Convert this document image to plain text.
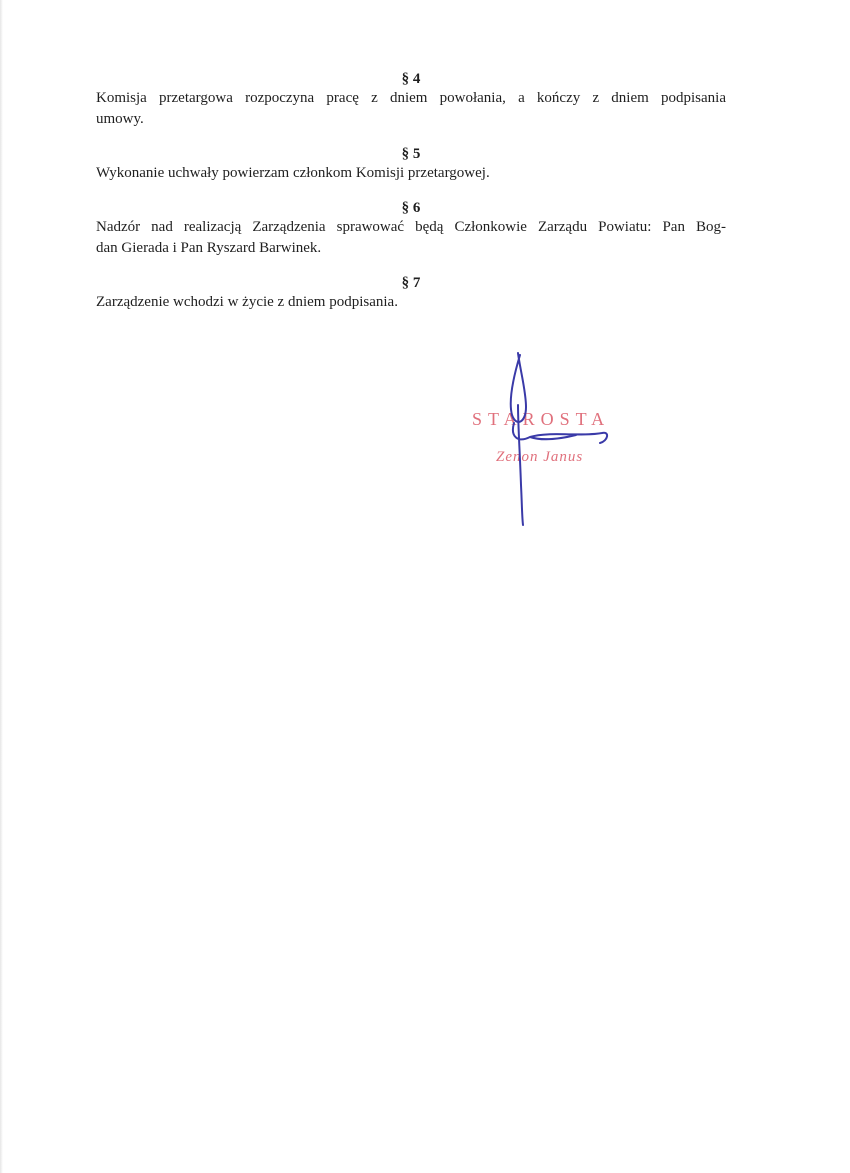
§ 4

Komisja przetargowa rozpoczyna pracę z dniem powołania, a kończy z dniem podpisania
umowy.

§ 5

Wykonanie uchwały powierzam członkom Komisji przetargowej.

§ 6

Nadzór nad realizacją Zarządzenia sprawować będą Członkowie Zarządu Powiatu: Pan Bog-
dan Gierada i Pan Ryszard Barwinek.

§ 7

Zarządzenie wchodzi w życie z dniem podpisania.

STAROSTA
Zenon Janus
